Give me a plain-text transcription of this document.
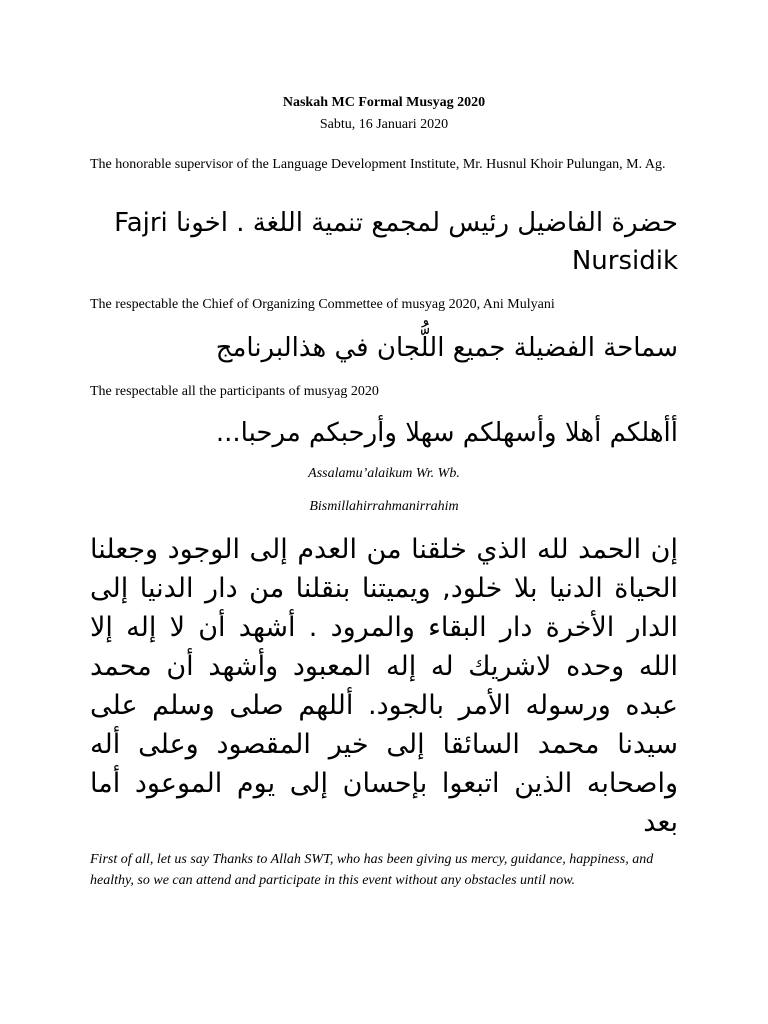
Naskah MC Formal Musyag 2020
Sabtu, 16 Januari 2020
The honorable supervisor of the Language Development Institute, Mr. Husnul Khoir Pulungan, M. Ag.
حضرة الفاضيل رئيس لمجمع تنمية اللغة . اخونا Fajri Nursidik
The respectable the Chief of Organizing Commettee of musyag 2020, Ani Mulyani
سماحة الفضيلة جميع اللُّجان في هذالبرنامج
The respectable all the participants of musyag 2020
أأهلكم أهلا وأسهلكم سهلا وأرحبكم مرحبا...
Assalamu’alaikum Wr. Wb.
Bismillahirrahmanirrahim
إن الحمد لله الذي خلقنا من العدم إلى الوجود وجعلنا الحياة الدنيا بلا خلود, ويميتنا بنقلنا من دار الدنيا إلى الدار الأخرة دار البقاء والمرود . أشهد أن لا إله إلا الله وحده لاشريك له إله المعبود وأشهد أن محمد عبده ورسوله الأمر بالجود. أللهم صلى وسلم على سيدنا محمد السائقا إلى خير المقصود وعلى أله واصحابه الذين اتبعوا بإحسان إلى يوم الموعود أما بعد
First of all, let us say Thanks to Allah SWT, who has been giving us mercy, guidance, happiness, and healthy, so we can attend and participate in this event without any obstacles until now.
